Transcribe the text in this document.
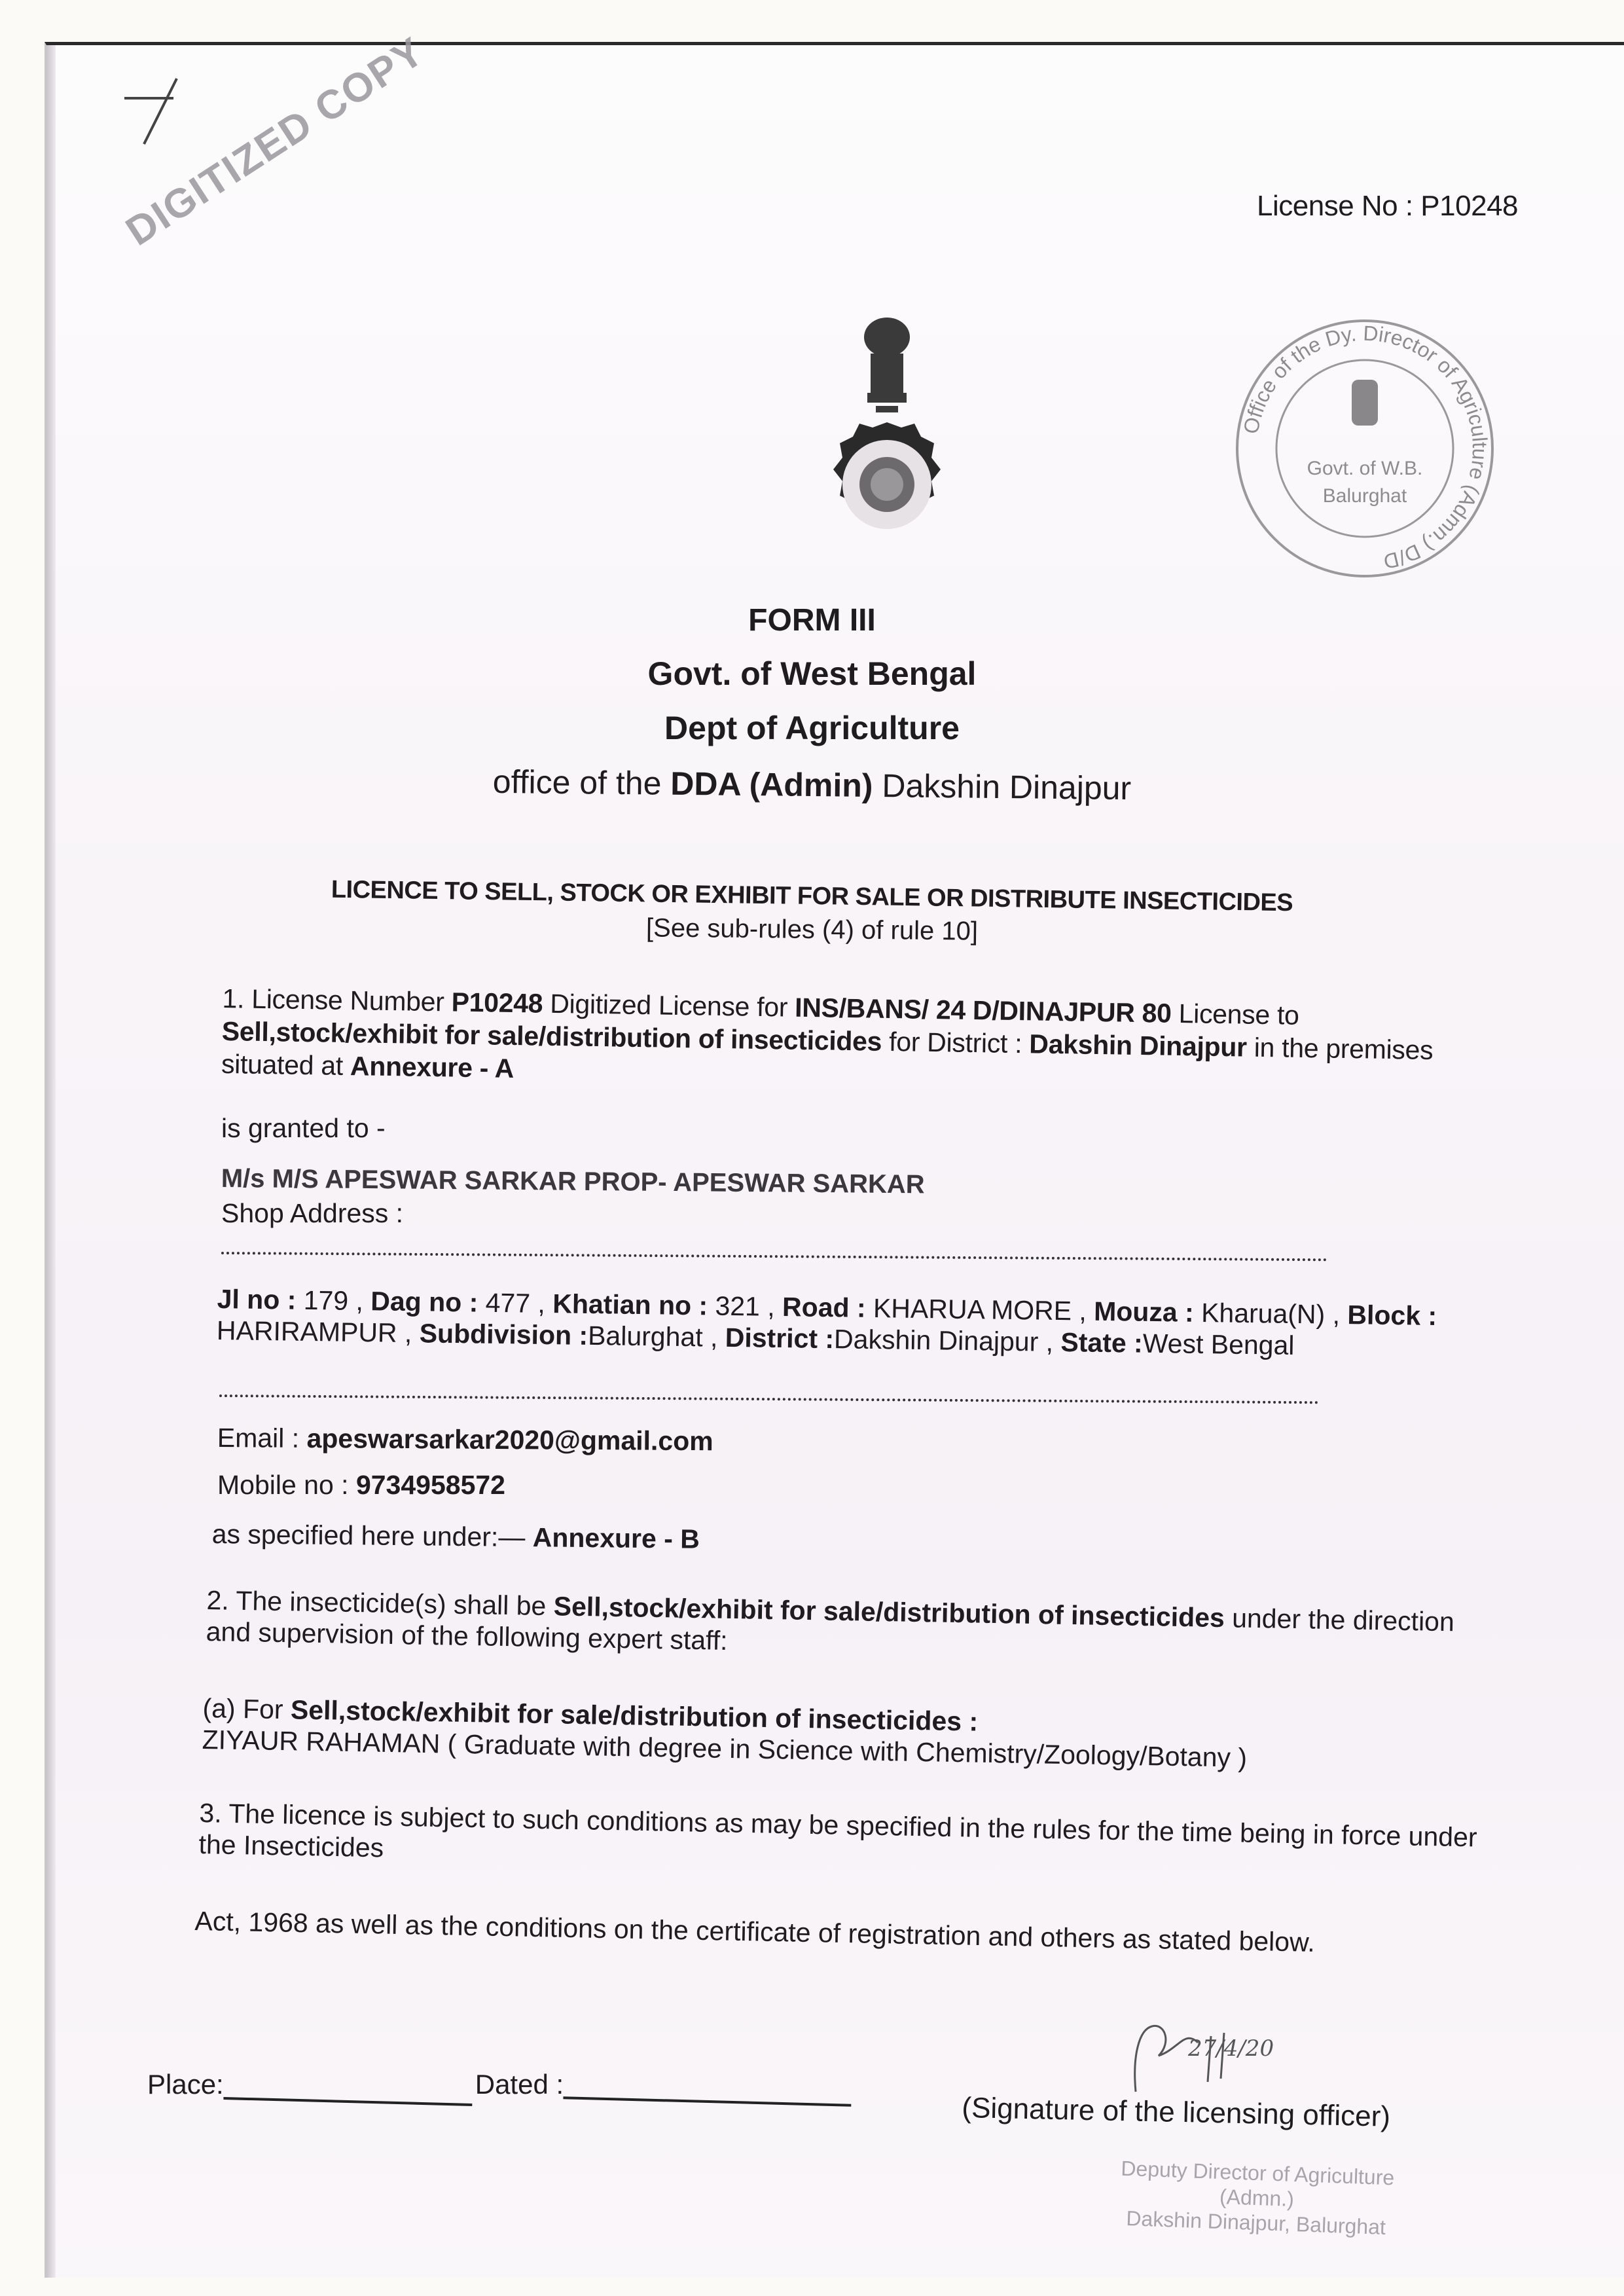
DIGITIZED COPY	License No : P10248
Office of the Dy. Director of Agriculture (Admn.) D/D
Govt. of W.B.
Balurghat
FORM III
Govt. of West Bengal
Dept of Agriculture
office of the DDA (Admin) Dakshin Dinajpur
LICENCE TO SELL, STOCK OR EXHIBIT FOR SALE OR DISTRIBUTE INSECTICIDES
[See sub-rules (4) of rule 10]
1. License Number P10248 Digitized License for INS/BANS/ 24 D/DINAJPUR 80 License to Sell,stock/exhibit for sale/distribution of insecticides for District : Dakshin Dinajpur in the premises situated at Annexure - A
is granted to -
M/s M/S APESWAR SARKAR PROP- APESWAR SARKAR
Shop Address :
Jl no : 179 , Dag no : 477 , Khatian no : 321 , Road : KHARUA MORE , Mouza : Kharua(N) , Block : HARIRAMPUR , Subdivision :Balurghat , District :Dakshin Dinajpur , State :West Bengal
Email : apeswarsarkar2020@gmail.com
Mobile no : 9734958572
as specified here under:— Annexure - B
2. The insecticide(s) shall be Sell,stock/exhibit for sale/distribution of insecticides under the direction and supervision of the following expert staff:
(a) For Sell,stock/exhibit for sale/distribution of insecticides :
ZIYAUR RAHAMAN ( Graduate with degree in Science with Chemistry/Zoology/Botany )
3. The licence is subject to such conditions as may be specified in the rules for the time being in force under the Insecticides
Act, 1968 as well as the conditions on the certificate of registration and others as stated below.
Place:	Dated :
27/4/20
(Signature of the licensing officer)
Deputy Director of Agriculture
(Admn.)
Dakshin Dinajpur, Balurghat
